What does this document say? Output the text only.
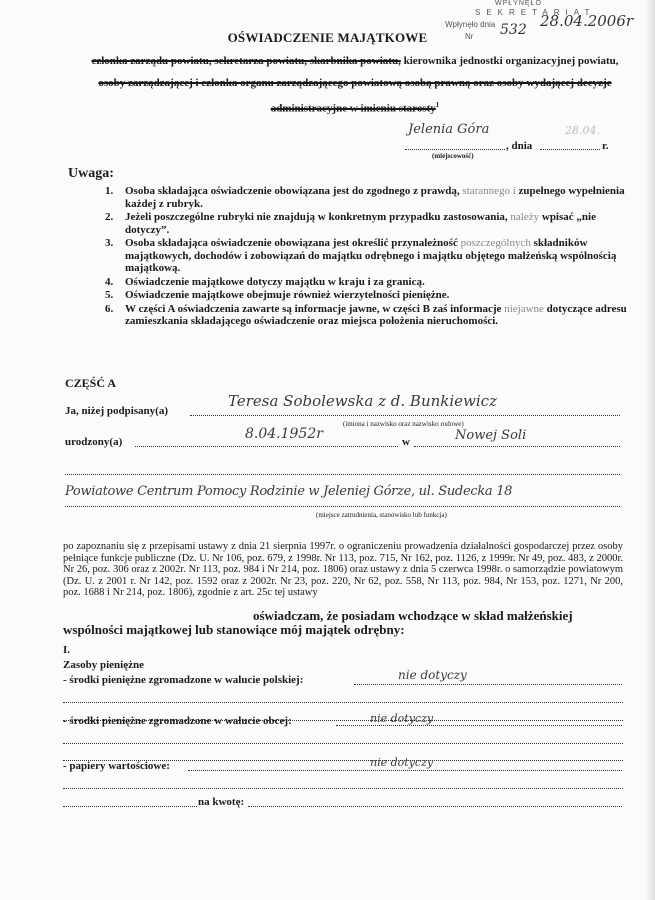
WPŁYNĘŁO
SEKRETARIAT
Wpłynęło dnia	28.04.2006r
Nr 532
OŚWIADCZENIE MAJĄTKOWE
członka zarządu powiatu, sekretarza powiatu, skarbnika powiatu, kierownika jednostki organizacyjnej powiatu, osoby zarządzającej i członka organu zarządzającego powiatową osobą prawną oraz osoby wydającej decyzje administracyjne w imieniu starosty$^1$
Jelenia Góra	28.04.
, dnia	r.
(miejscowość)
Uwaga:
1. Osoba składająca oświadczenie obowiązana jest do zgodnego z prawdą, starannego i zupełnego wypełnienia każdej z rubryk.
2. Jeżeli poszczególne rubryki nie znajdują w konkretnym przypadku zastosowania, należy wpisać „nie dotyczy”.
3. Osoba składająca oświadczenie obowiązana jest określić przynależność poszczególnych składników majątkowych, dochodów i zobowiązań do majątku odrębnego i majątku objętego małżeńską wspólnością majątkową.
4. Oświadczenie majątkowe dotyczy majątku w kraju i za granicą.
5. Oświadczenie majątkowe obejmuje również wierzytelności pieniężne.
6. W części A oświadczenia zawarte są informacje jawne, w części B zaś informacje niejawne dotyczące adresu zamieszkania składającego oświadczenie oraz miejsca położenia nieruchomości.
CZĘŚĆ A
Ja, niżej podpisany(a)
Teresa Sobolewska z d. Bunkiewicz
(imiona i nazwisko oraz nazwisko rodowe)
urodzony(a)	8.04.1952r	w	Nowej Soli
Powiatowe Centrum Pomocy Rodzinie w Jeleniej Górze, ul. Sudecka 18
(miejsce zatrudnienia, stanowisko lub funkcja)
po zapoznaniu się z przepisami ustawy z dnia 21 sierpnia 1997r. o ograniczeniu prowadzenia działalności gospodarczej przez osoby pełniące funkcje publiczne (Dz. U. Nr 106, poz. 679, z 1998r. Nr 113, poz. 715, Nr 162, poz. 1126, z 1999r. Nr 49, poz. 483, z 2000r. Nr 26, poz. 306 oraz z 2002r. Nr 113, poz. 984 i Nr 214, poz. 1806) oraz ustawy z dnia 5 czerwca 1998r. o samorządzie powiatowym (Dz. U. z 2001 r. Nr 142, poz. 1592 oraz z 2002r. Nr 23, poz. 220, Nr 62, poz. 558, Nr 113, poz. 984, Nr 153, poz. 1271, Nr 200, poz. 1688 i Nr 214, poz. 1806), zgodnie z art. 25c tej ustawy
oświadczam, że posiadam wchodzące w skład małżeńskiej wspólności majątkowej lub stanowiące mój majątek odrębny:
I.
Zasoby pieniężne
- środki pieniężne zgromadzone w walucie polskiej:	nie dotyczy
- środki pieniężne zgromadzone w walucie obcej:	nie dotyczy
- papiery wartościowe:	nie dotyczy
na kwotę:
